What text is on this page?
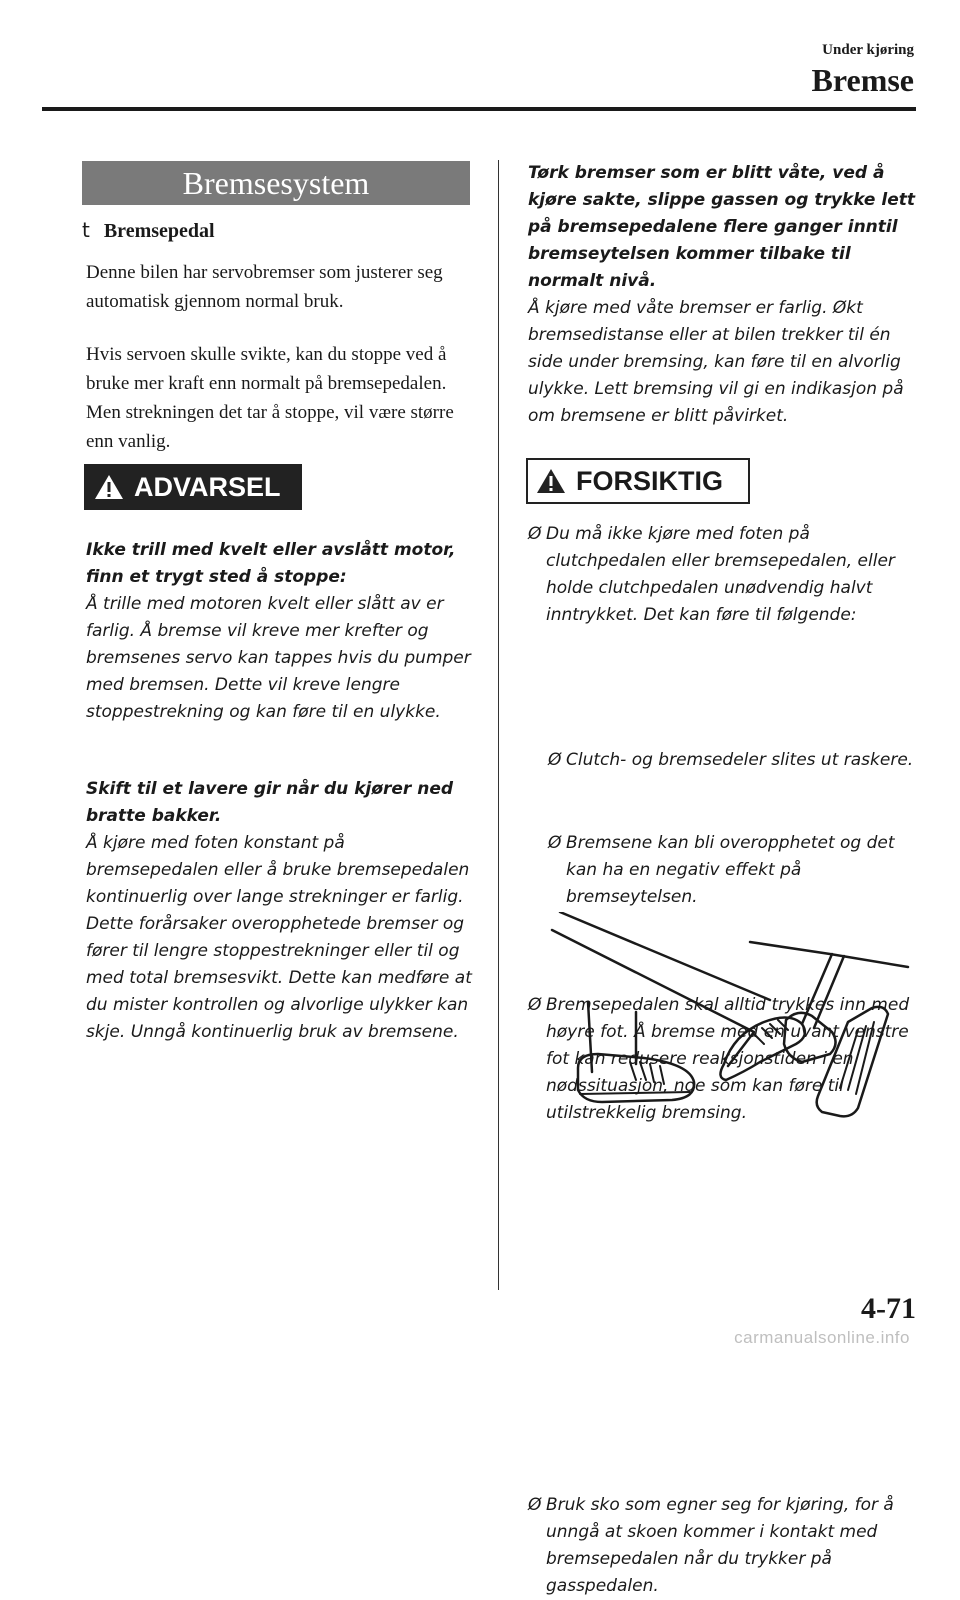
Under kjøring
Bremse
Bremsesystem
t Bremsepedal
Denne bilen har servobremser som justerer seg automatisk gjennom normal bruk.
Hvis servoen skulle svikte, kan du stoppe ved å bruke mer kraft enn normalt på bremsepedalen. Men strekningen det tar å stoppe, vil være større enn vanlig.
ADVARSEL
Ikke trill med kvelt eller avslått motor, finn et trygt sted å stoppe:
Å trille med motoren kvelt eller slått av er farlig. Å bremse vil kreve mer krefter og bremsenes servo kan tappes hvis du pumper med bremsen. Dette vil kreve lengre stoppestrekning og kan føre til en ulykke.
Skift til et lavere gir når du kjører ned bratte bakker.
Å kjøre med foten konstant på bremsepedalen eller å bruke bremsepedalen kontinuerlig over lange strekninger er farlig. Dette forårsaker overopphetede bremser og fører til lengre stoppestrekninger eller til og med total bremsesvikt. Dette kan medføre at du mister kontrollen og alvorlige ulykker kan skje. Unngå kontinuerlig bruk av bremsene.
Tørk bremser som er blitt våte, ved å kjøre sakte, slippe gassen og trykke lett på bremsepedalene flere ganger inntil bremseytelsen kommer tilbake til normalt nivå.
Å kjøre med våte bremser er farlig. Økt bremsedistanse eller at bilen trekker til én side under bremsing, kan føre til en alvorlig ulykke. Lett bremsing vil gi en indikasjon på om bremsene er blitt påvirket.
FORSIKTIG
Ø Du må ikke kjøre med foten på clutchpedalen eller bremsepedalen, eller holde clutchpedalen unødvendig halvt inntrykket. Det kan føre til følgende:
Ø Clutch- og bremsedeler slites ut raskere.
Ø Bremsene kan bli overopphetet og det kan ha en negativ effekt på bremseytelsen.
Ø Bremsepedalen skal alltid trykkes inn med høyre fot. Å bremse med en uvant venstre fot kan redusere reaksjonstiden i en nødssituasjon, noe som kan føre til utilstrekkelig bremsing.
Ø Bruk sko som egner seg for kjøring, for å unngå at skoen kommer i kontakt med bremsepedalen når du trykker på gasspedalen.
4-71
carmanualsonline.info
